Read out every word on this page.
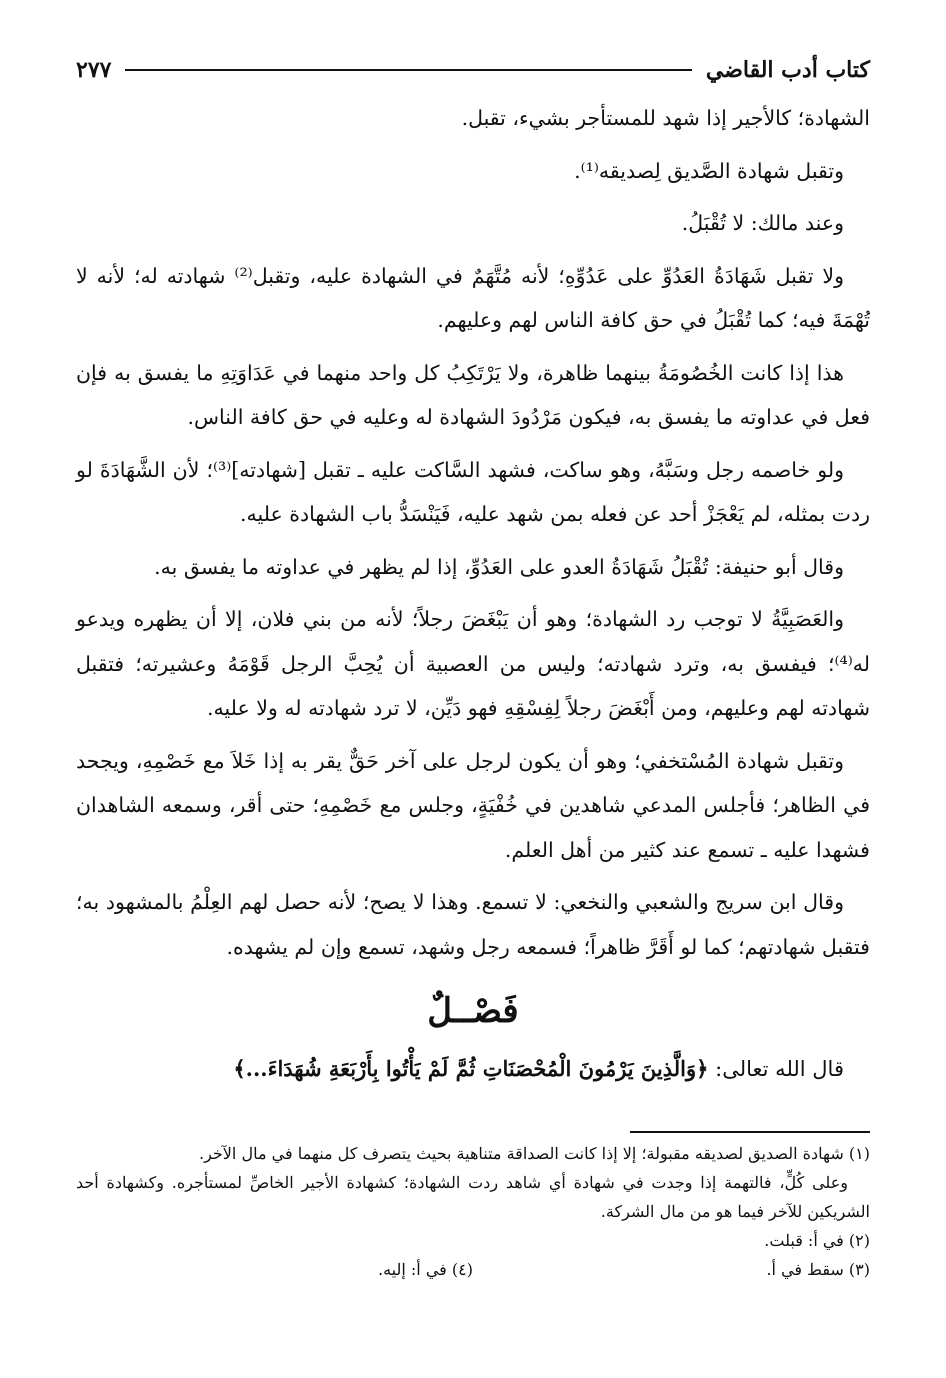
كتاب أدب القاضي
٢٧٧

الشهادة؛ كالأجير إذا شهد للمستأجر بشيء، تقبل.

وتقبل شهادة الصَّديق لِصديقه⁽¹⁾.

وعند مالك: لا تُقْبَلُ.

ولا تقبل شَهَادَةُ العَدُوِّ على عَدُوِّهِ؛ لأنه مُتَّهَمٌ في الشهادة عليه، وتقبل⁽²⁾ شهادته له؛ لأنه لا تُهْمَةَ فيه؛ كما تُقْبَلُ في حق كافة الناس لهم وعليهم.

هذا إذا كانت الخُصُومَةُ بينهما ظاهرة، ولا يَرْتَكِبُ كل واحد منهما في عَدَاوَتِهِ ما يفسق به فإن فعل في عداوته ما يفسق به، فيكون مَرْدُودَ الشهادة له وعليه في حق كافة الناس.

ولو خاصمه رجل وسَبَّهُ، وهو ساكت، فشهد السَّاكت عليه ـ تقبل [شهادته]⁽³⁾؛ لأن الشَّهَادَةَ لو ردت بمثله، لم يَعْجَزْ أحد عن فعله بمن شهد عليه، فَيَنْسَدُّ باب الشهادة عليه.

وقال أبو حنيفة: تُقْبَلُ شَهَادَةُ العدو على العَدُوِّ، إذا لم يظهر في عداوته ما يفسق به.

والعَصَبِيَّةُ لا توجب رد الشهادة؛ وهو أن يَبْغَضَ رجلاً؛ لأنه من بني فلان، إلا أن يظهره ويدعو له⁽⁴⁾؛ فيفسق به، وترد شهادته؛ وليس من العصبية أن يُحِبَّ الرجل قَوْمَهُ وعشيرته؛ فتقبل شهادته لهم وعليهم، ومن أَبْغَضَ رجلاً لِفِسْقِهِ فهو دَيِّن، لا ترد شهادته له ولا عليه.

وتقبل شهادة المُسْتخفي؛ وهو أن يكون لرجل على آخر حَقٌّ يقر به إذا خَلاَ مع خَصْمِهِ، ويجحد في الظاهر؛ فأجلس المدعي شاهدين في خُفْيَةٍ، وجلس مع خَصْمِهِ؛ حتى أقر، وسمعه الشاهدان فشهدا عليه ـ تسمع عند كثير من أهل العلم.

وقال ابن سريج والشعبي والنخعي: لا تسمع. وهذا لا يصح؛ لأنه حصل لهم العِلْمُ بالمشهود به؛ فتقبل شهادتهم؛ كما لو أَقَرَّ ظاهراً؛ فسمعه رجل وشهد، تسمع وإن لم يشهده.

فَصْــلٌ

قال الله تعالى: ﴿وَالَّذِينَ يَرْمُونَ الْمُحْصَنَاتِ ثُمَّ لَمْ يَأْتُوا بِأَرْبَعَةِ شُهَدَاءَ...﴾

(١) شهادة الصديق لصديقه مقبولة؛ إلا إذا كانت الصداقة متناهية بحيث يتصرف كل منهما في مال الآخر.

وعلى كُلٍّ، فالتهمة إذا وجدت في شهادة أي شاهد ردت الشهادة؛ كشهادة الأجير الخاصِّ لمستأجره. وكشهادة أحد الشريكين للآخر فيما هو من مال الشركة.

(٢) في أ: قبلت.

(٣) سقط في أ.

(٤) في أ: إليه.
